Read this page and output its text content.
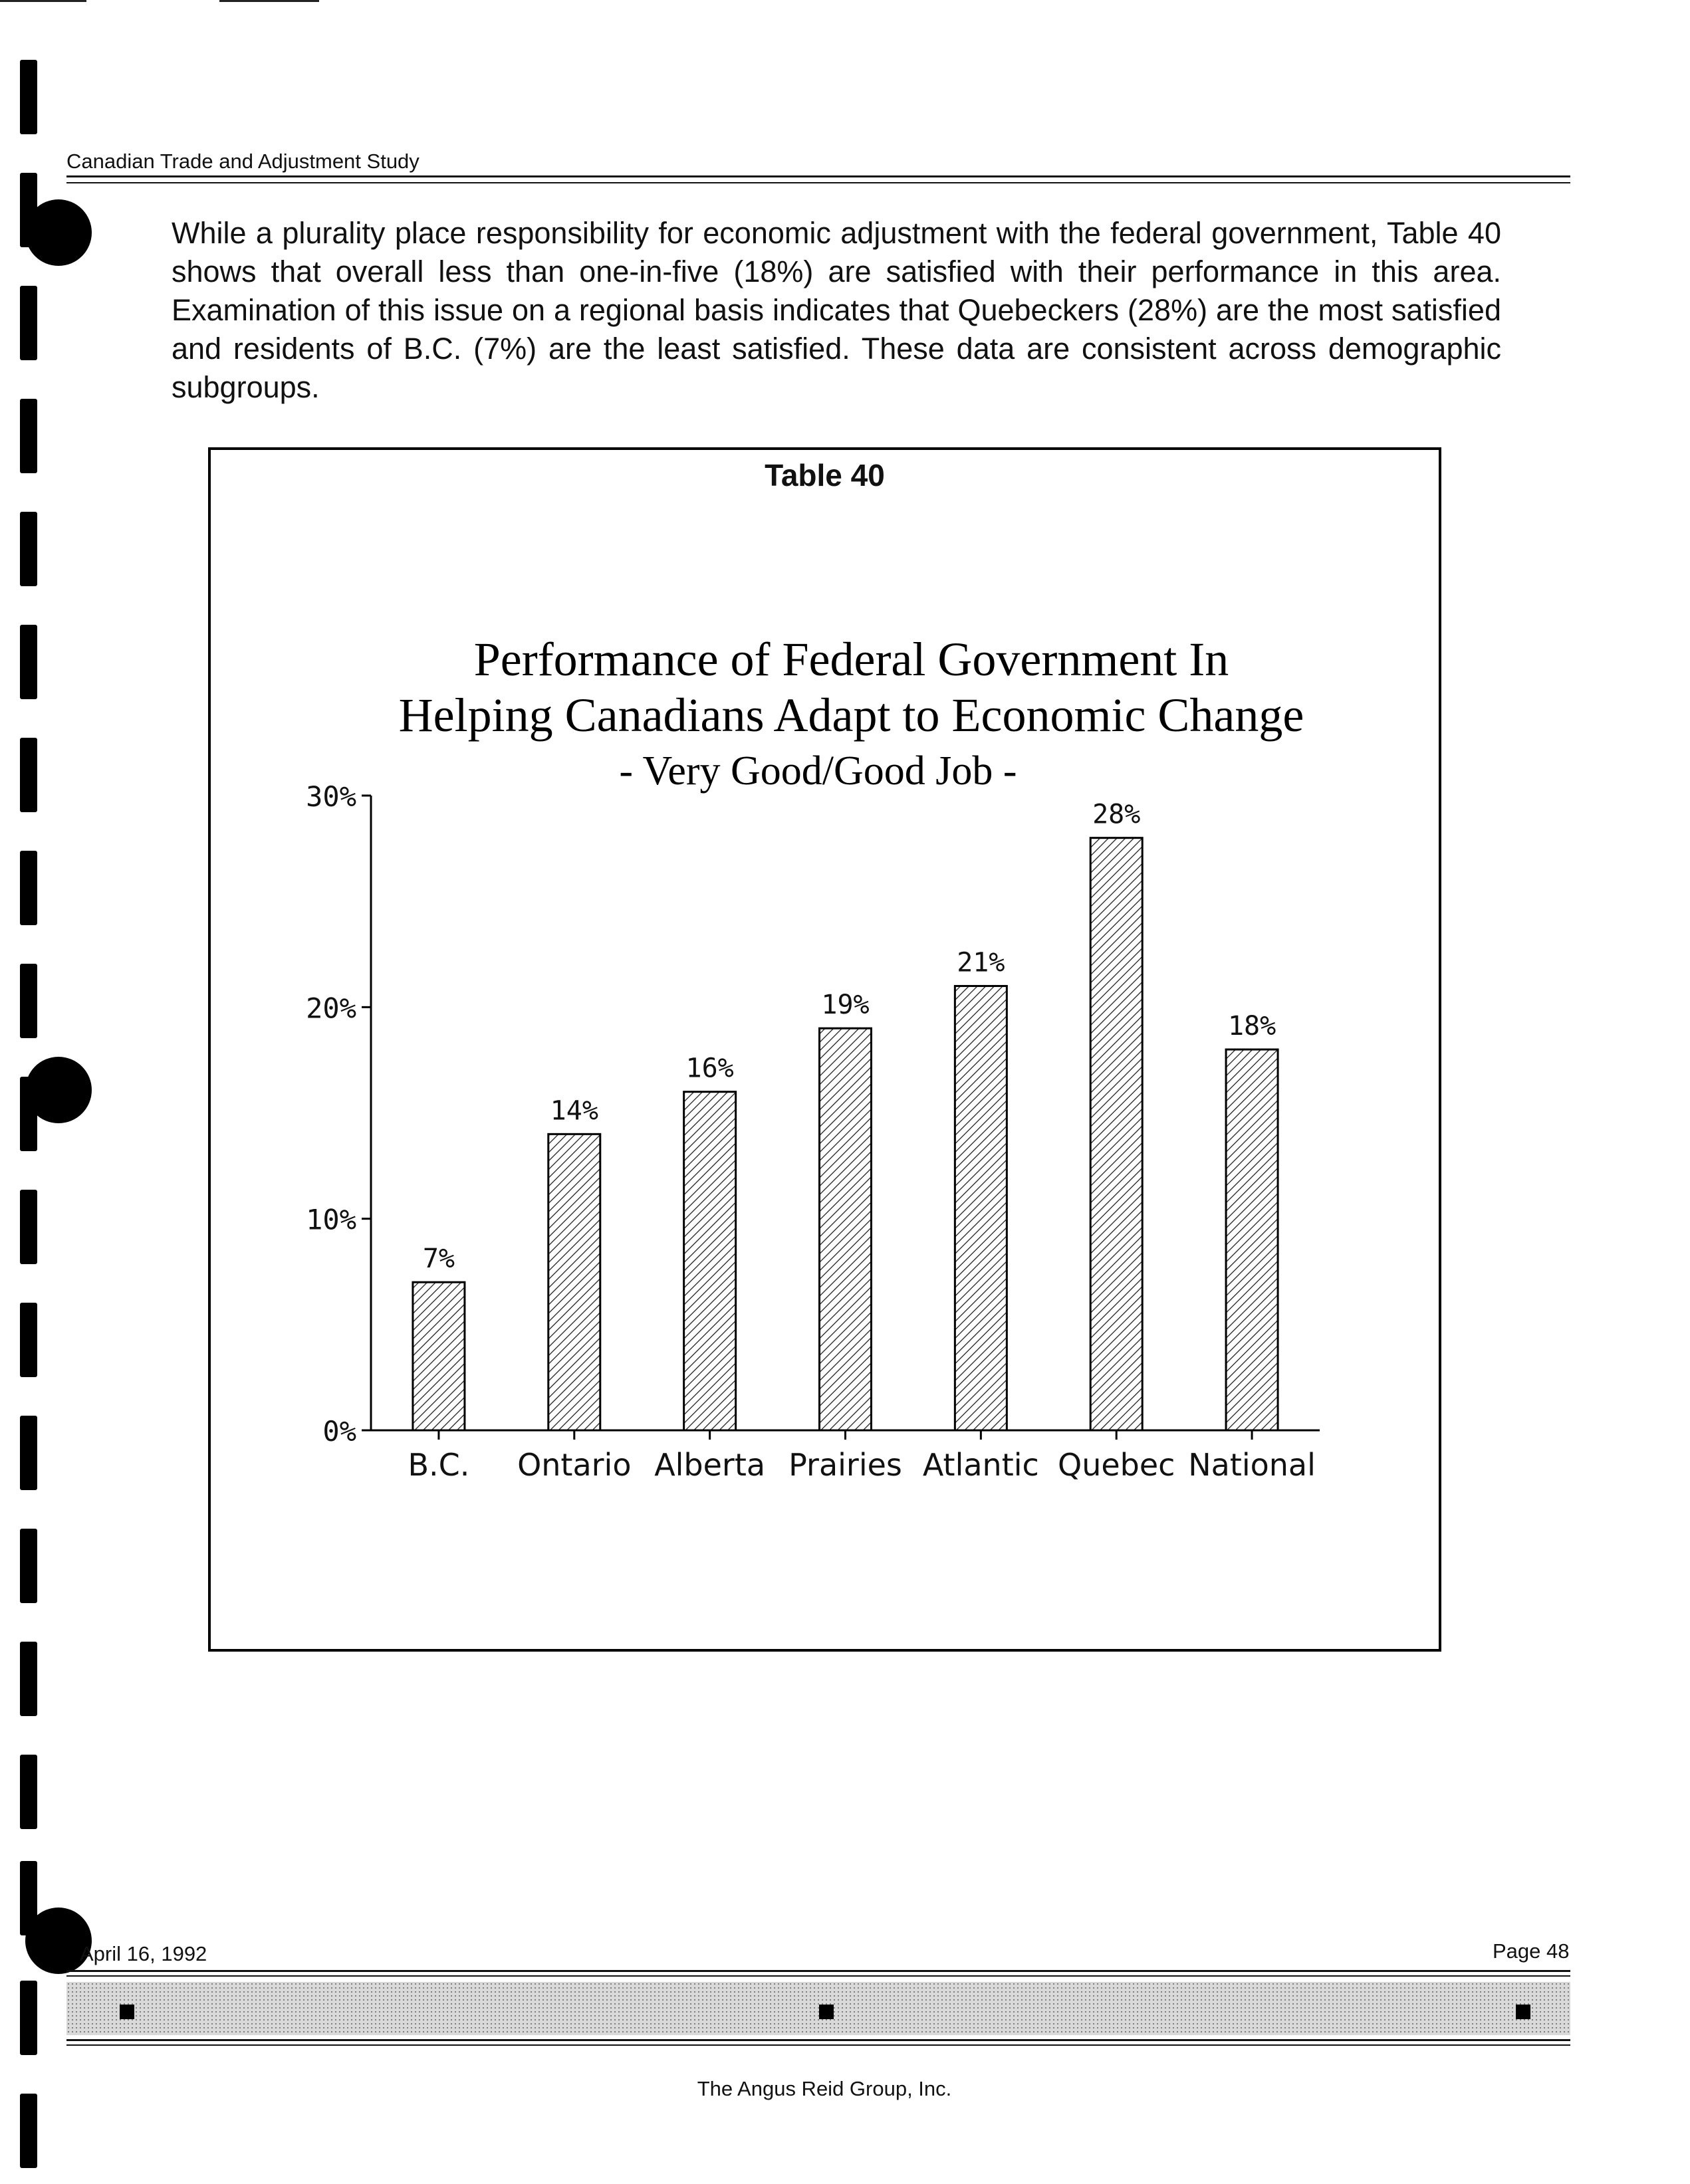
Canadian Trade and Adjustment Study
While a plurality place responsibility for economic adjustment with the federal government, Table 40 shows that overall less than one-in-five (18%) are satisfied with their performance in this area. Examination of this issue on a regional basis indicates that Quebeckers (28%) are the most satisfied and residents of B.C. (7%) are the least satisfied. These data are consistent across demographic subgroups.
Table 40
Performance of Federal Government In
Helping Canadians Adapt to Economic Change
- Very Good/Good Job -
0%
10%
20%
30%
7%
B.C.
14%
Ontario
16%
Alberta
19%
Prairies
21%
Atlantic
28%
Quebec
18%
National
April 16, 1992	Page 48
The Angus Reid Group, Inc.
